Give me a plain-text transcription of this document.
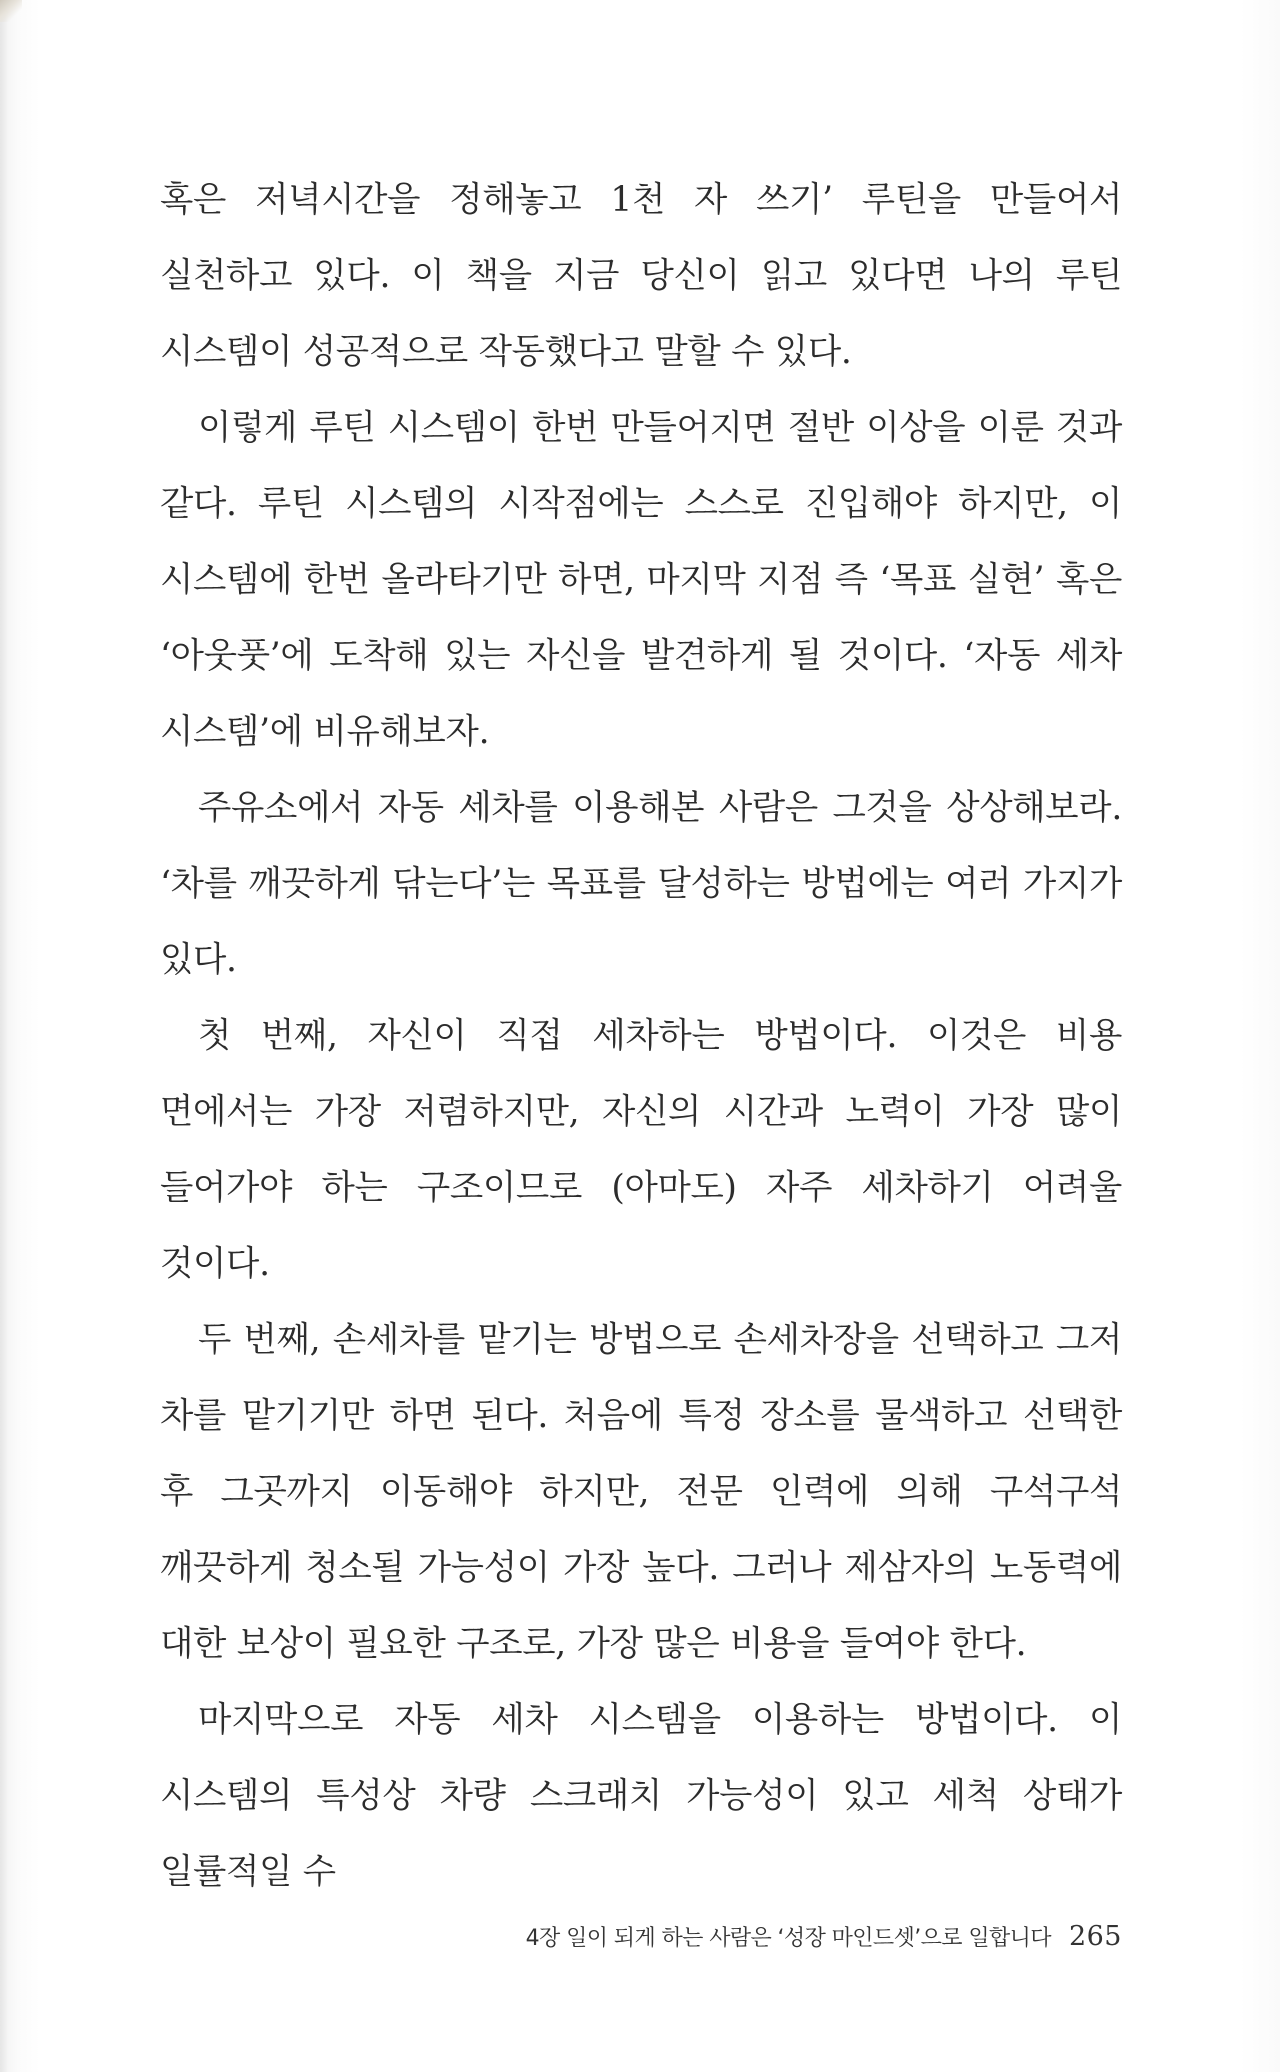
혹은 저녁시간을 정해놓고 1천 자 쓰기’ 루틴을 만들어서 실천하고 있다. 이 책을 지금 당신이 읽고 있다면 나의 루틴 시스템이 성공적으로 작동했다고 말할 수 있다.

이렇게 루틴 시스템이 한번 만들어지면 절반 이상을 이룬 것과 같다. 루틴 시스템의 시작점에는 스스로 진입해야 하지만, 이 시스템에 한번 올라타기만 하면, 마지막 지점 즉 ‘목표 실현’ 혹은 ‘아웃풋’에 도착해 있는 자신을 발견하게 될 것이다. ‘자동 세차 시스템’에 비유해보자.

주유소에서 자동 세차를 이용해본 사람은 그것을 상상해보라. ‘차를 깨끗하게 닦는다’는 목표를 달성하는 방법에는 여러 가지가 있다.

첫 번째, 자신이 직접 세차하는 방법이다. 이것은 비용 면에서는 가장 저렴하지만, 자신의 시간과 노력이 가장 많이 들어가야 하는 구조이므로 (아마도) 자주 세차하기 어려울 것이다.

두 번째, 손세차를 맡기는 방법으로 손세차장을 선택하고 그저 차를 맡기기만 하면 된다. 처음에 특정 장소를 물색하고 선택한 후 그곳까지 이동해야 하지만, 전문 인력에 의해 구석구석 깨끗하게 청소될 가능성이 가장 높다. 그러나 제삼자의 노동력에 대한 보상이 필요한 구조로, 가장 많은 비용을 들여야 한다.

마지막으로 자동 세차 시스템을 이용하는 방법이다. 이 시스템의 특성상 차량 스크래치 가능성이 있고 세척 상태가 일률적일 수

4장 일이 되게 하는 사람은 ‘성장 마인드셋’으로 일합니다 265
